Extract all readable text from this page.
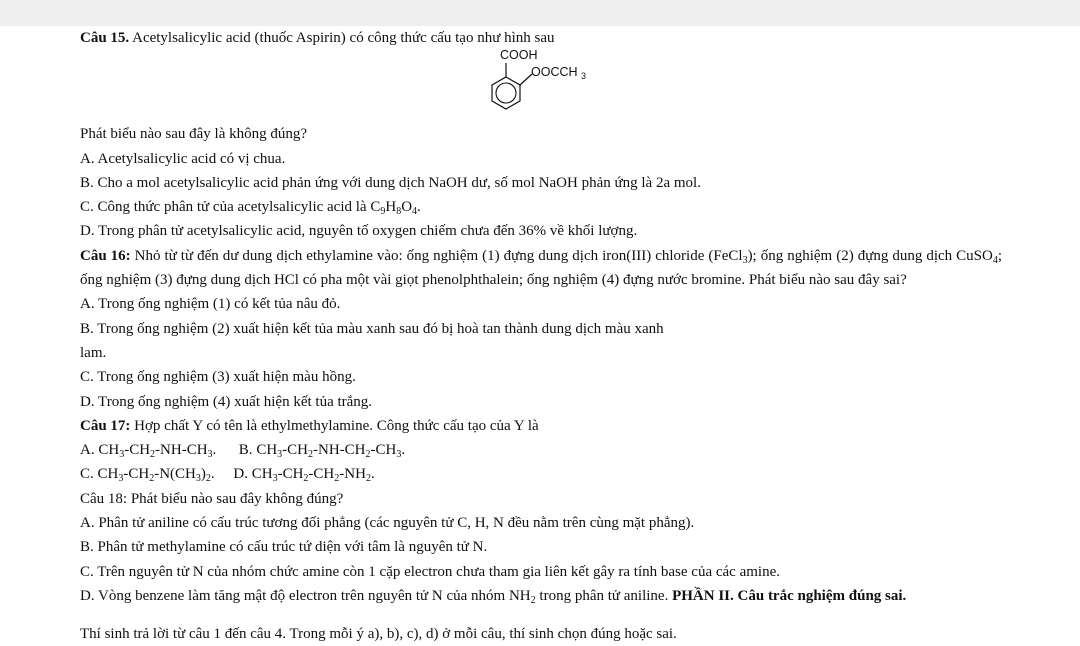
COOH
OOCCH 3
Câu 15. Acetylsalicylic acid (thuốc Aspirin) có công thức cấu tạo như hình sau
Phát biểu nào sau đây là không đúng?
A. Acetylsalicylic acid có vị chua.
B. Cho a mol acetylsalicylic acid phản ứng với dung dịch NaOH dư, số mol NaOH phản ứng là 2a mol.
C. Công thức phân tử của acetylsalicylic acid là $C_9H_8O_4$.
D. Trong phân tử acetylsalicylic acid, nguyên tố oxygen chiếm chưa đến 36% về khối lượng.
Câu 16: Nhỏ từ từ đến dư dung dịch ethylamine vào: ống nghiệm (1) đựng dung dịch iron(III) chloride (FeCl$_3$); ống nghiệm (2) đựng dung dịch CuSO$_4$; ống nghiệm (3) đựng dung dịch HCl có pha một vài giọt phenolphthalein; ống nghiệm (4) đựng nước bromine. Phát biểu nào sau đây sai?
A. Trong ống nghiệm (1) có kết tủa nâu đỏ.
B. Trong ống nghiệm (2) xuất hiện kết tủa màu xanh sau đó bị hoà tan thành dung dịch màu xanh
lam.
C. Trong ống nghiệm (3) xuất hiện màu hồng.
D. Trong ống nghiệm (4) xuất hiện kết tủa trắng.
Câu 17: Hợp chất Y có tên là ethylmethylamine. Công thức cấu tạo của Y là
A. $CH_3-CH_2-NH-CH_3$. B. $CH_3-CH_2-NH-CH_2-CH_3$.
C. $CH_3-CH_2-N(CH_3)_2$. D. $CH_3-CH_2-CH_2-NH_2$.
Câu 18: Phát biểu nào sau đây không đúng?
A. Phân tử aniline có cấu trúc tương đối phẳng (các nguyên tử C, H, N đều nằm trên cùng mặt phẳng).
B. Phân tử methylamine có cấu trúc tứ diện với tâm là nguyên tử N.
C. Trên nguyên tử N của nhóm chức amine còn 1 cặp electron chưa tham gia liên kết gây ra tính base của các amine.
D. Vòng benzene làm tăng mật độ electron trên nguyên tử N của nhóm $NH_2$ trong phân tử aniline. PHẦN II. Câu trắc nghiệm đúng sai.
Thí sinh trả lời từ câu 1 đến câu 4. Trong mỗi ý a), b), c), d) ở mỗi câu, thí sinh chọn đúng hoặc sai.
